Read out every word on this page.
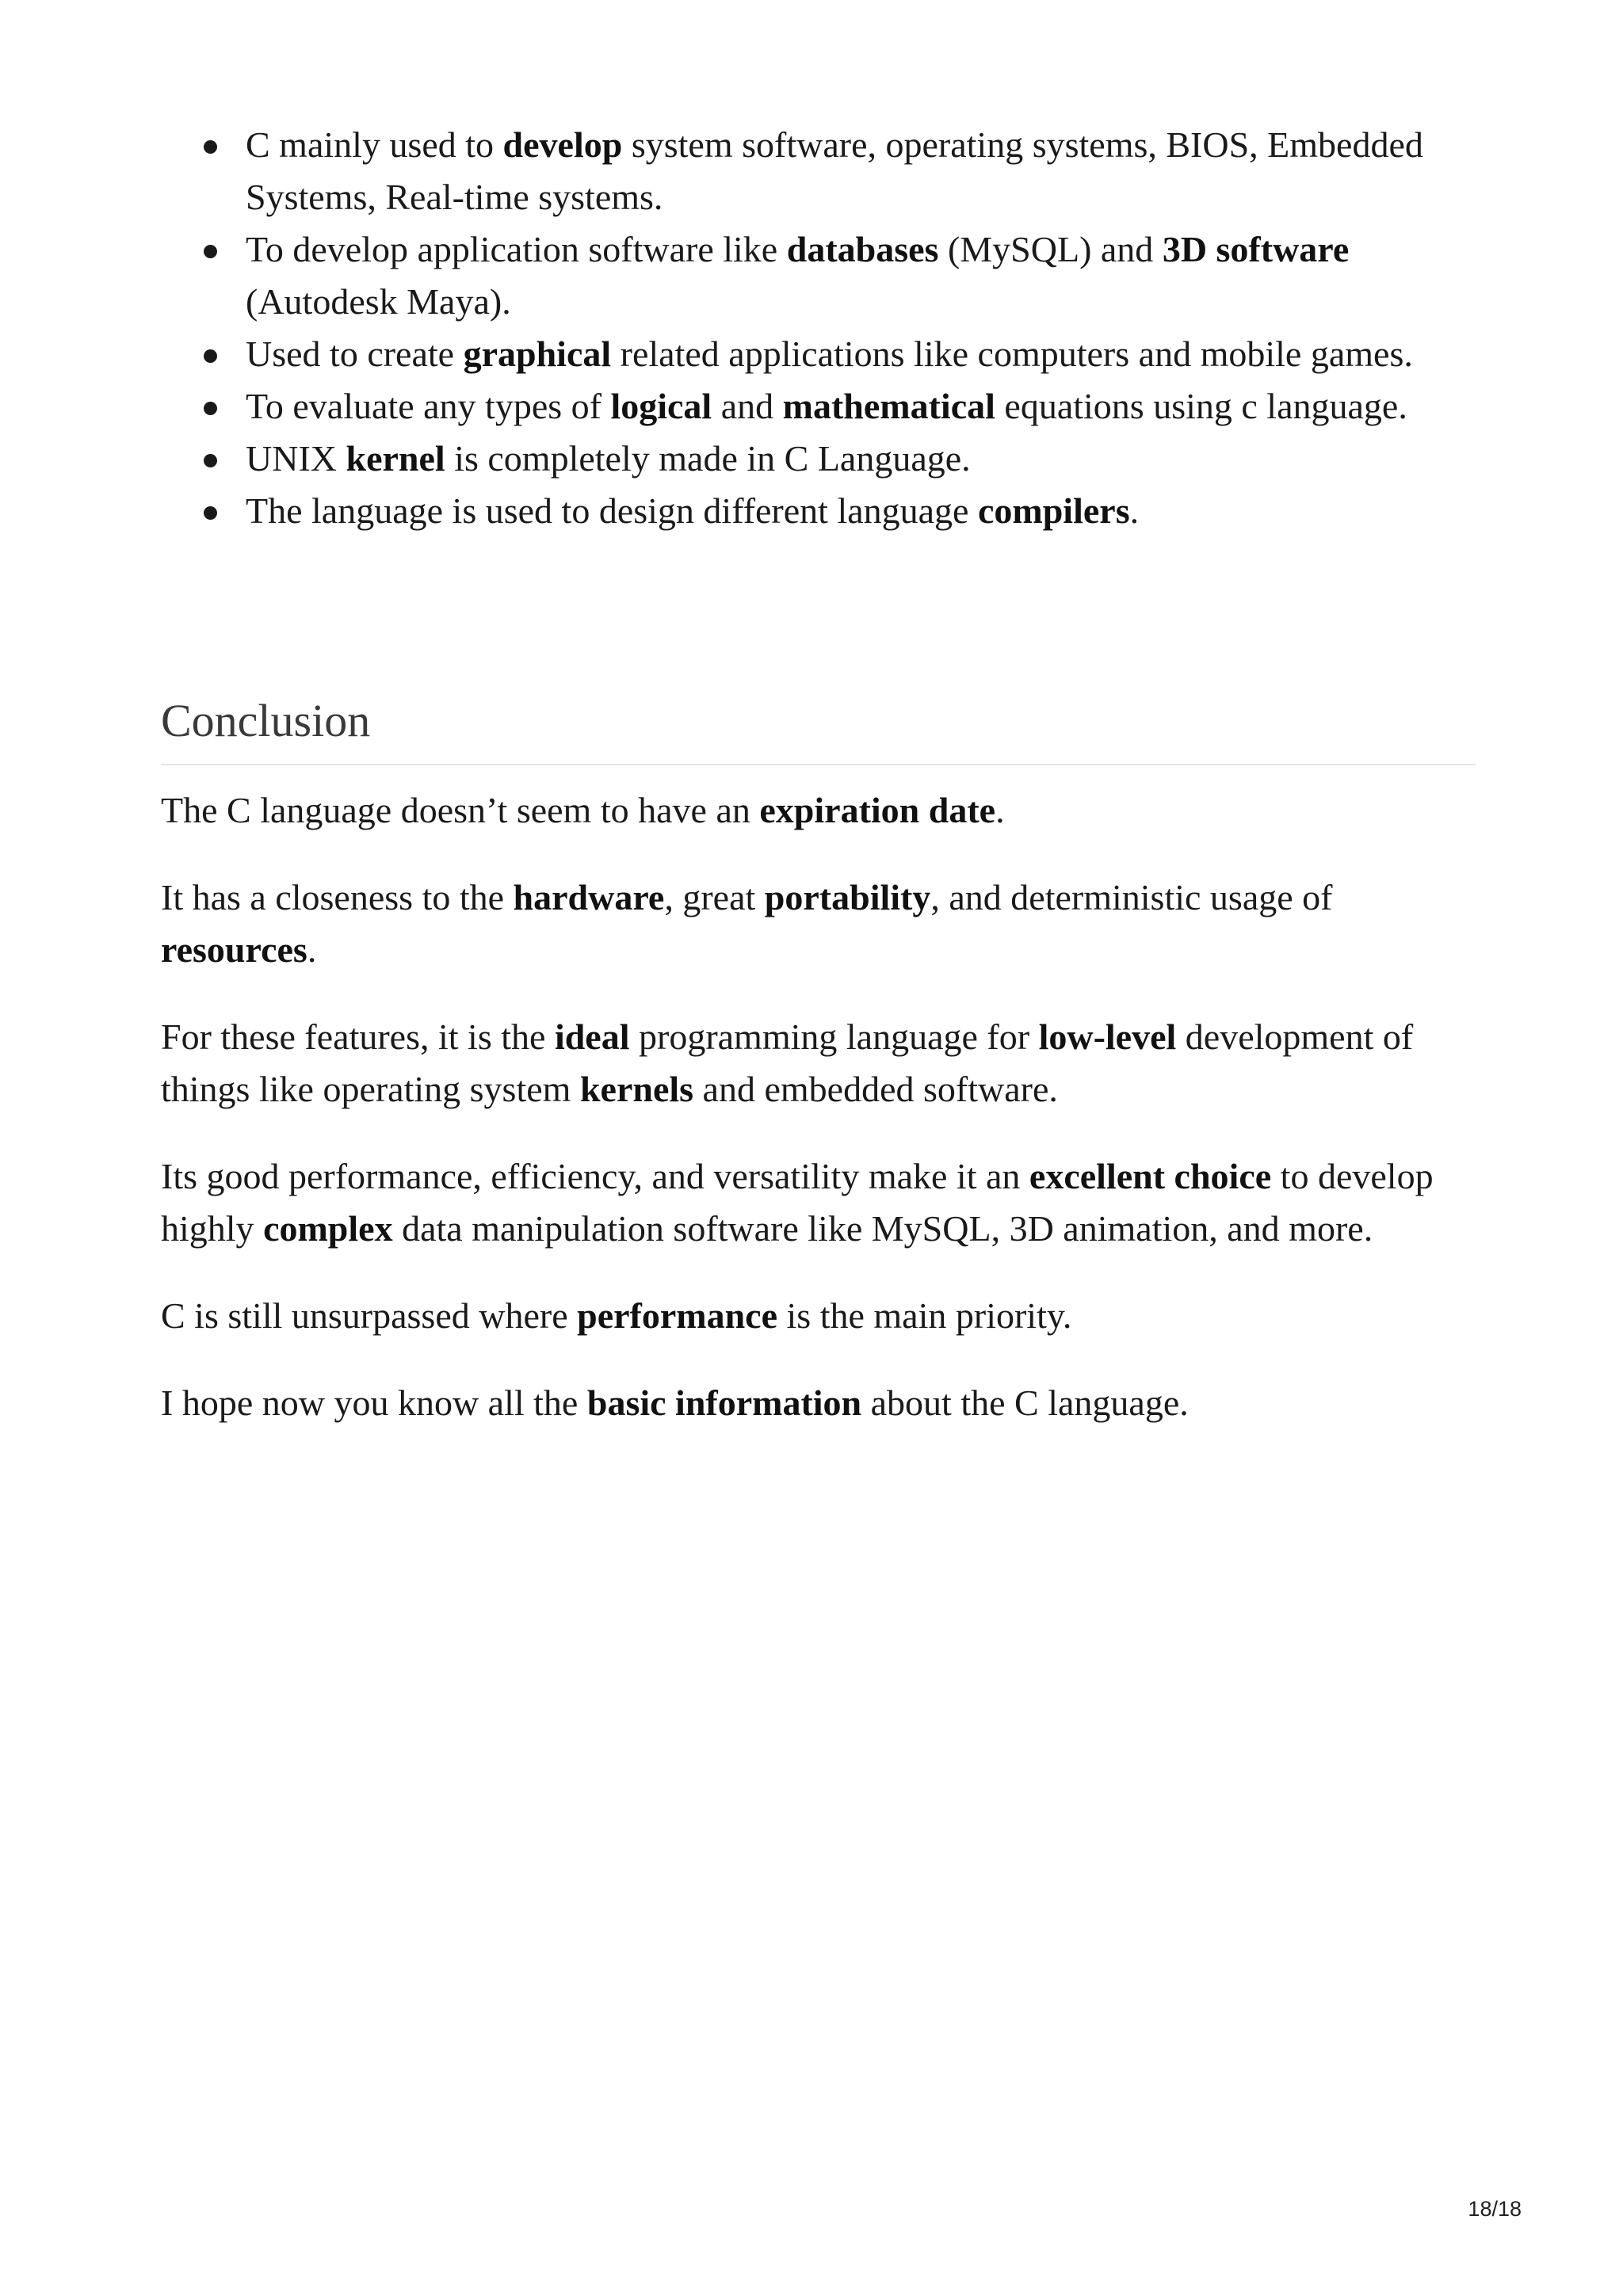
C mainly used to develop system software, operating systems, BIOS, Embedded Systems, Real-time systems.
To develop application software like databases (MySQL) and 3D software (Autodesk Maya).
Used to create graphical related applications like computers and mobile games.
To evaluate any types of logical and mathematical equations using c language.
UNIX kernel is completely made in C Language.
The language is used to design different language compilers.
Conclusion

The C language doesn’t seem to have an expiration date.

It has a closeness to the hardware, great portability, and deterministic usage of resources.

For these features, it is the ideal programming language for low-level development of things like operating system kernels and embedded software.

Its good performance, efficiency, and versatility make it an excellent choice to develop highly complex data manipulation software like MySQL, 3D animation, and more.

C is still unsurpassed where performance is the main priority.

I hope now you know all the basic information about the C language.

18/18
